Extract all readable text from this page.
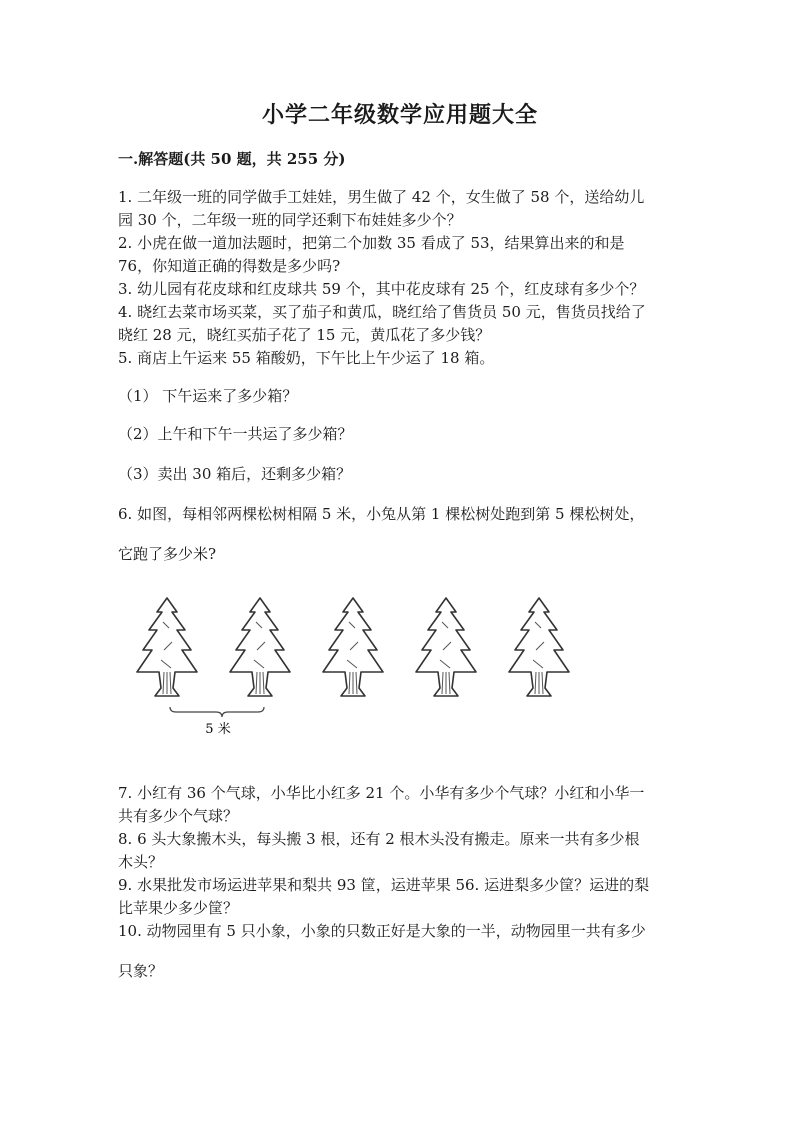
小学二年级数学应用题大全
一.解答题(共 50 题，共 255 分)
1. 二年级一班的同学做手工娃娃，男生做了 42 个，女生做了 58 个，送给幼儿
园 30 个，二年级一班的同学还剩下布娃娃多少个？
2. 小虎在做一道加法题时，把第二个加数 35 看成了 53，结果算出来的和是
76，你知道正确的得数是多少吗?
3. 幼儿园有花皮球和红皮球共 59 个，其中花皮球有 25 个，红皮球有多少个？
4. 晓红去菜市场买菜，买了茄子和黄瓜，晓红给了售货员 50 元，售货员找给了
晓红 28 元，晓红买茄子花了 15 元，黄瓜花了多少钱？
5. 商店上午运来 55 箱酸奶，下午比上午少运了 18 箱。
（1） 下午运来了多少箱？
（2）上午和下午一共运了多少箱？
（3）卖出 30 箱后，还剩多少箱？
6. 如图，每相邻两棵松树相隔 5 米，小兔从第 1 棵松树处跑到第 5 棵松树处，
它跑了多少米?
5 米
7. 小红有 36 个气球，小华比小红多 21 个。小华有多少个气球？小红和小华一
共有多少个气球？
8. 6 头大象搬木头，每头搬 3 根，还有 2 根木头没有搬走。原来一共有多少根
木头？
9. 水果批发市场运进苹果和梨共 93 筐，运进苹果 56. 运进梨多少筐？运进的梨
比苹果少多少筐？
10. 动物园里有 5 只小象，小象的只数正好是大象的一半，动物园里一共有多少
只象？
